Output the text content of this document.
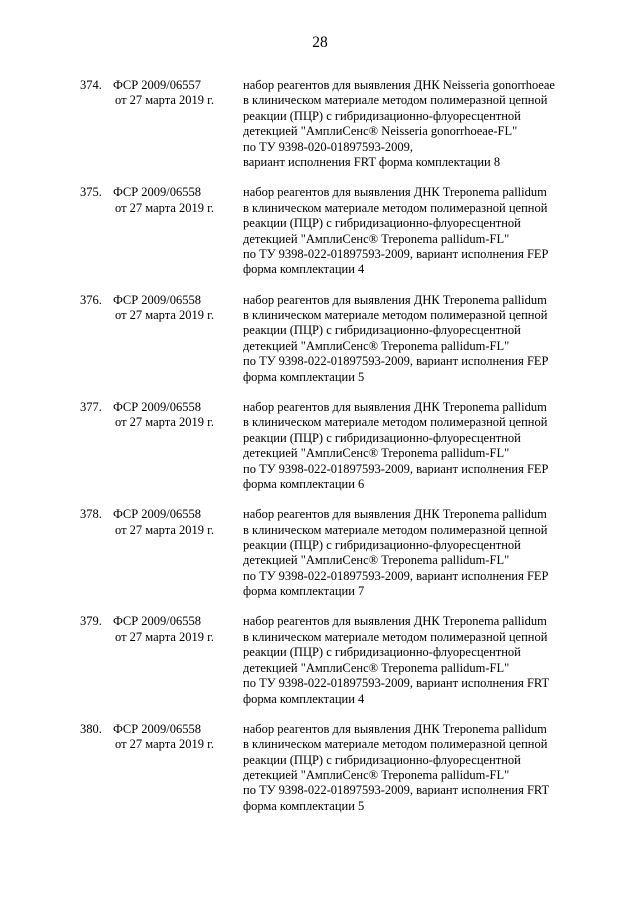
28
374. ФСР 2009/06557
от 27 марта 2019 г.
набор реагентов для выявления ДНК Neisseria gonorrhoeae
в клиническом материале методом полимеразной цепной
реакции (ПЦР) с гибридизационно-флуоресцентной
детекцией "АмплиСенс® Neisseria gonorrhoeae-FL"
по ТУ 9398-020-01897593-2009,
вариант исполнения FRT форма комплектации 8
375. ФСР 2009/06558
от 27 марта 2019 г.
набор реагентов для выявления ДНК Treponema pallidum
в клиническом материале методом полимеразной цепной
реакции (ПЦР) с гибридизационно-флуоресцентной
детекцией "АмплиСенс® Treponema pallidum-FL"
по ТУ 9398-022-01897593-2009, вариант исполнения FEP
форма комплектации 4
376. ФСР 2009/06558
от 27 марта 2019 г.
набор реагентов для выявления ДНК Treponema pallidum
в клиническом материале методом полимеразной цепной
реакции (ПЦР) с гибридизационно-флуоресцентной
детекцией "АмплиСенс® Treponema pallidum-FL"
по ТУ 9398-022-01897593-2009, вариант исполнения FEP
форма комплектации 5
377. ФСР 2009/06558
от 27 марта 2019 г.
набор реагентов для выявления ДНК Treponema pallidum
в клиническом материале методом полимеразной цепной
реакции (ПЦР) с гибридизационно-флуоресцентной
детекцией "АмплиСенс® Treponema pallidum-FL"
по ТУ 9398-022-01897593-2009, вариант исполнения FEP
форма комплектации 6
378. ФСР 2009/06558
от 27 марта 2019 г.
набор реагентов для выявления ДНК Treponema pallidum
в клиническом материале методом полимеразной цепной
реакции (ПЦР) с гибридизационно-флуоресцентной
детекцией "АмплиСенс® Treponema pallidum-FL"
по ТУ 9398-022-01897593-2009, вариант исполнения FEP
форма комплектации 7
379. ФСР 2009/06558
от 27 марта 2019 г.
набор реагентов для выявления ДНК Treponema pallidum
в клиническом материале методом полимеразной цепной
реакции (ПЦР) с гибридизационно-флуоресцентной
детекцией "АмплиСенс® Treponema pallidum-FL"
по ТУ 9398-022-01897593-2009, вариант исполнения FRT
форма комплектации 4
380. ФСР 2009/06558
от 27 марта 2019 г.
набор реагентов для выявления ДНК Treponema pallidum
в клиническом материале методом полимеразной цепной
реакции (ПЦР) с гибридизационно-флуоресцентной
детекцией "АмплиСенс® Treponema pallidum-FL"
по ТУ 9398-022-01897593-2009, вариант исполнения FRT
форма комплектации 5
